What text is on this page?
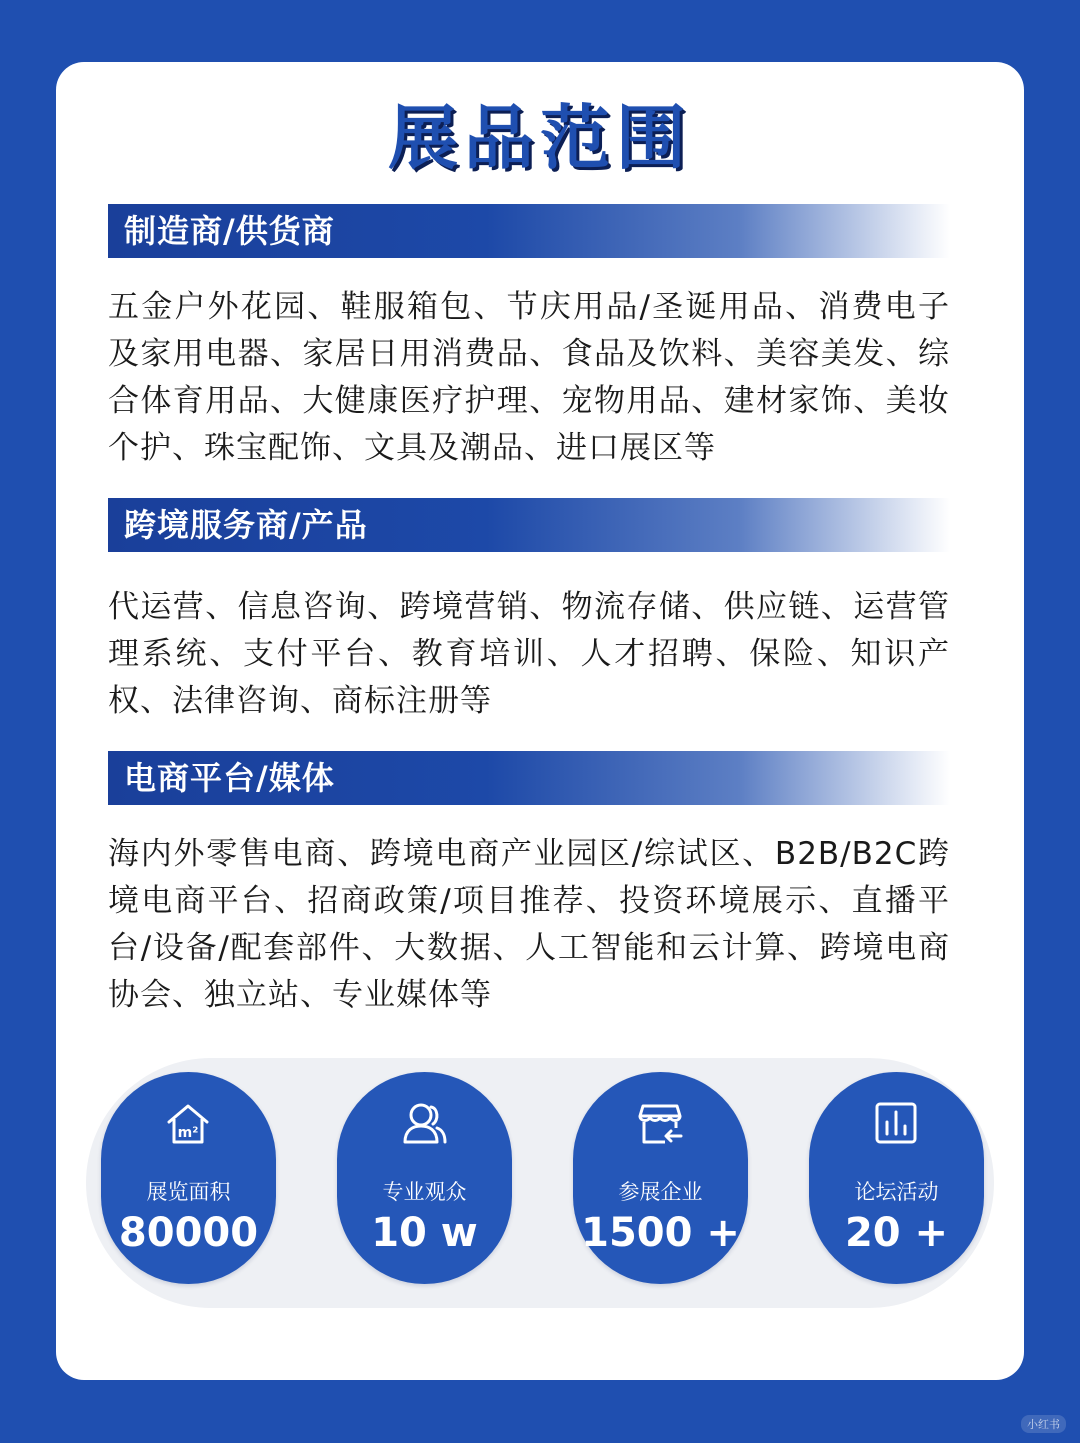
展品范围
制造商/供货商
五金户外花园、鞋服箱包、节庆用品/圣诞用品、消费电子及家用电器、家居日用消费品、食品及饮料、美容美发、综合体育用品、大健康医疗护理、宠物用品、建材家饰、美妆个护、珠宝配饰、文具及潮品、进口展区等
跨境服务商/产品
代运营、信息咨询、跨境营销、物流存储、供应链、运营管理系统、支付平台、教育培训、人才招聘、保险、知识产权、法律咨询、商标注册等
电商平台/媒体
海内外零售电商、跨境电商产业园区/综试区、B2B/B2C跨境电商平台、招商政策/项目推荐、投资环境展示、直播平台/设备/配套部件、大数据、人工智能和云计算、跨境电商协会、独立站、专业媒体等
m²
展览面积
80000
专业观众
10 w
参展企业
1500 +
论坛活动
20 +
小红书
